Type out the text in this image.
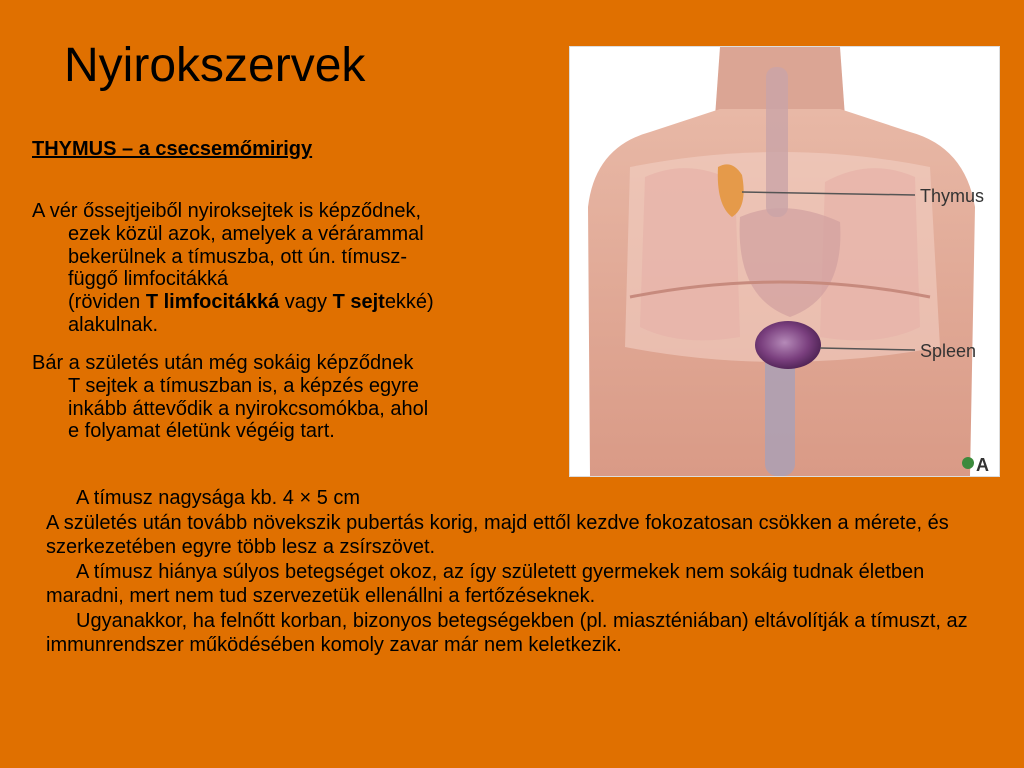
Nyirokszervek
THYMUS – a csecsemőmirigy

A vér őssejtjeiből nyiroksejtek is képződnek,
ezek közül azok, amelyek a vérárammal
bekerülnek a tímuszba, ott ún. tímusz-
függő limfocitákká
(röviden T limfocitákká vagy T sejtekké)
alakulnak.

Bár a születés után még sokáig képződnek
T sejtek a tímuszban is, a képzés egyre
inkább áttevődik a nyirokcsomókba, ahol
e folyamat életünk végéig tart.

A tímusz nagysága kb. 4 × 5 cm

A születés után tovább növekszik pubertás korig, majd ettől kezdve fokozatosan csökken a mérete, és szerkezetében egyre több lesz a zsírszövet.

A tímusz hiánya súlyos betegséget okoz, az így született gyermekek nem sokáig tudnak életben maradni, mert nem tud szervezetük ellenállni a fertőzéseknek.
Ugyanakkor, ha felnőtt korban, bizonyos betegségekben (pl. miaszténiában) eltávolítják a tímuszt, az immunrendszer működésében komoly zavar már nem keletkezik.
Thymus
Spleen
A
